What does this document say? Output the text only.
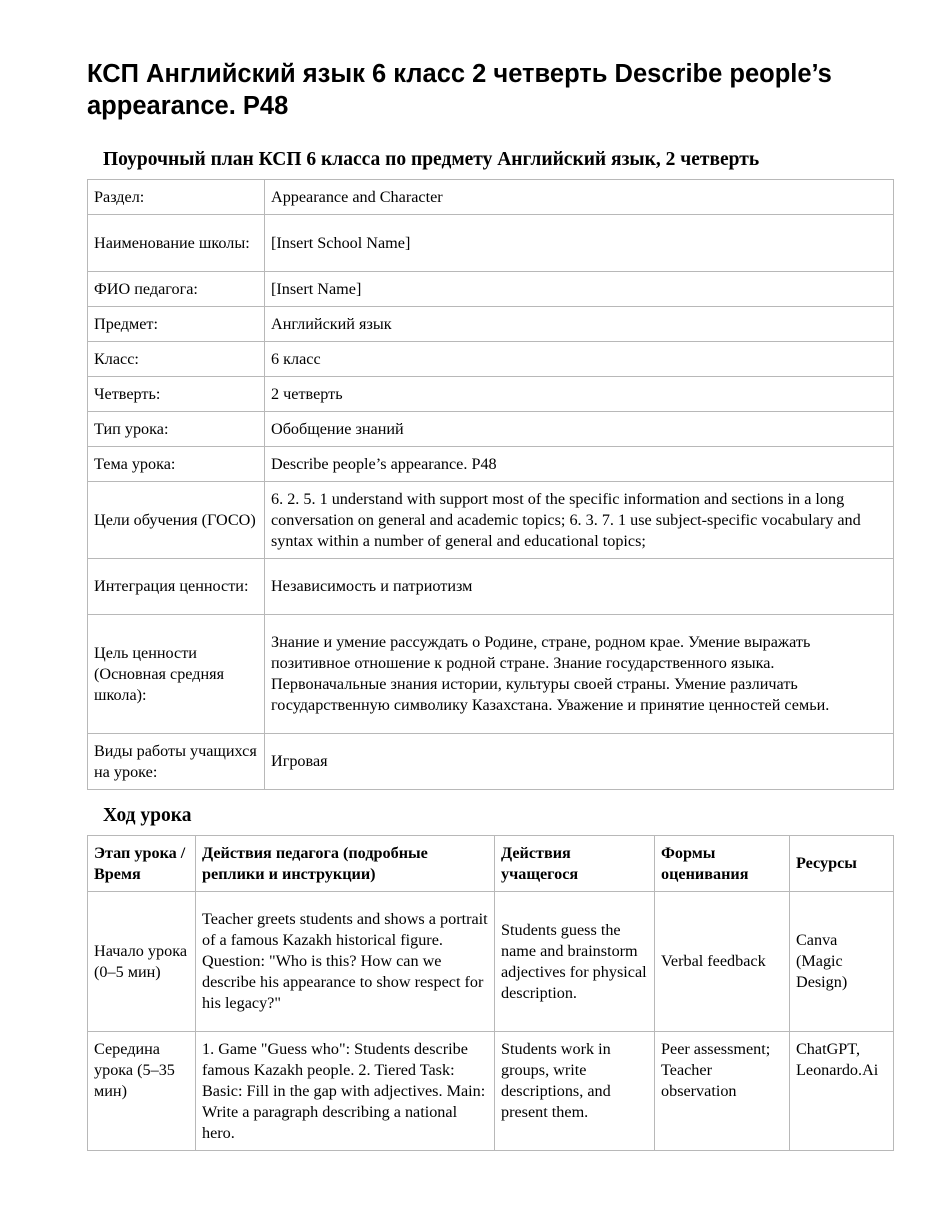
КСП Английский язык 6 класс 2 четверть Describe people’s appearance. P48
Поурочный план КСП 6 класса по предмету Английский язык, 2 четверть
Раздел:	Appearance and Character
Наименование школы:	[Insert School Name]
ФИО педагога:	[Insert Name]
Предмет:	Английский язык
Класс:	6 класс
Четверть:	2 четверть
Тип урока:	Обобщение знаний
Тема урока:	Describe people’s appearance. P48
Цели обучения (ГОСО)	6. 2. 5. 1 understand with support most of the specific information and sections in a long conversation on general and academic topics; 6. 3. 7. 1 use subject-specific vocabulary and syntax within a number of general and educational topics;
Интеграция ценности:	Независимость и патриотизм
Цель ценности (Основная средняя школа):	Знание и умение рассуждать о Родине, стране, родном крае. Умение выражать позитивное отношение к родной стране. Знание государственного языка. Первоначальные знания истории, культуры своей страны. Умение различать государственную символику Казахстана. Уважение и принятие ценностей семьи.
Виды работы учащихся на уроке:	Игровая
Ход урока
Этап урока / Время	Действия педагога (подробные реплики и инструкции)	Действия учащегося	Формы оценивания	Ресурсы
Начало урока (0–5 мин)	Teacher greets students and shows a portrait of a famous Kazakh historical figure. Question: "Who is this? How can we describe his appearance to show respect for his legacy?"	Students guess the name and brainstorm adjectives for physical description.	Verbal feedback	Canva (Magic Design)
Середина урока (5–35 мин)	1. Game "Guess who": Students describe famous Kazakh people. 2. Tiered Task: Basic: Fill in the gap with adjectives. Main: Write a paragraph describing a national hero.	Students work in groups, write descriptions, and present them.	Peer assessment; Teacher observation	ChatGPT, Leonardo.Ai
